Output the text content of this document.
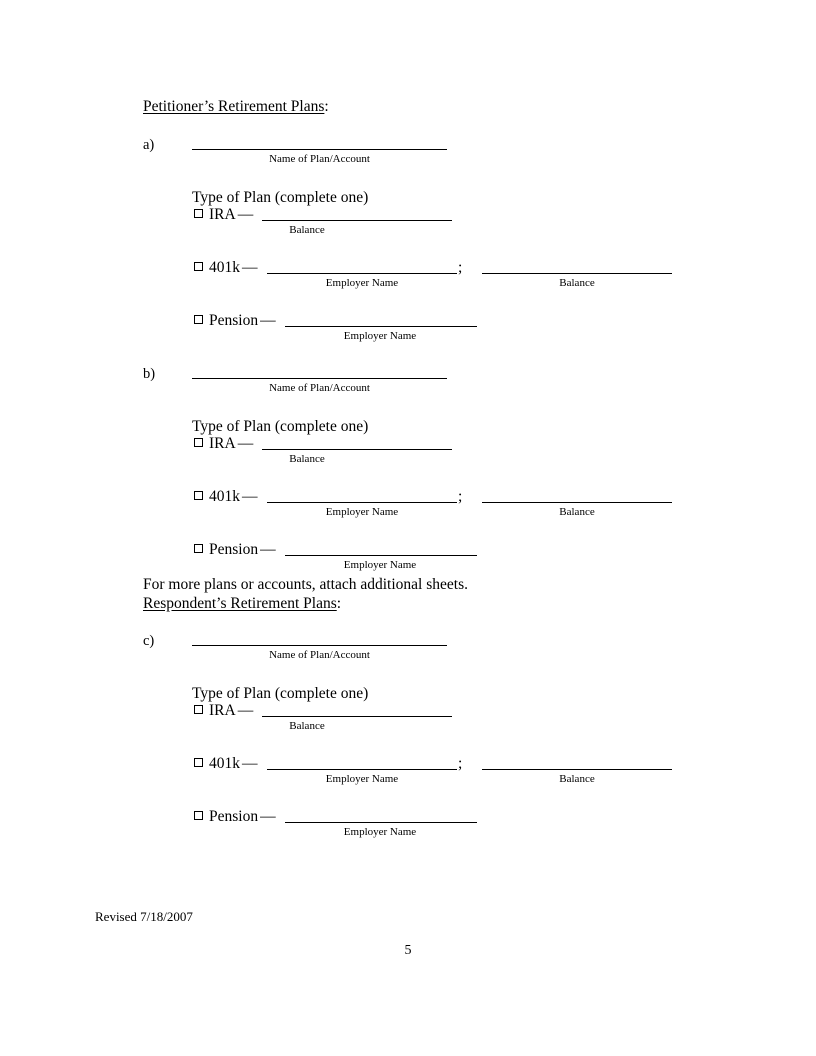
Petitioner’s Retirement Plans:
a)
Name of Plan/Account
Type of Plan (complete one)
IRA —
Balance
401k —
Employer Name
;
Balance
Pension —
Employer Name
b)
Name of Plan/Account
Type of Plan (complete one)
IRA —
Balance
401k —
Employer Name
;
Balance
Pension —
Employer Name
For more plans or accounts, attach additional sheets.
Respondent’s Retirement Plans:
c)
Name of Plan/Account
Type of Plan (complete one)
IRA —
Balance
401k —
Employer Name
;
Balance
Pension —
Employer Name
Revised 7/18/2007
5
